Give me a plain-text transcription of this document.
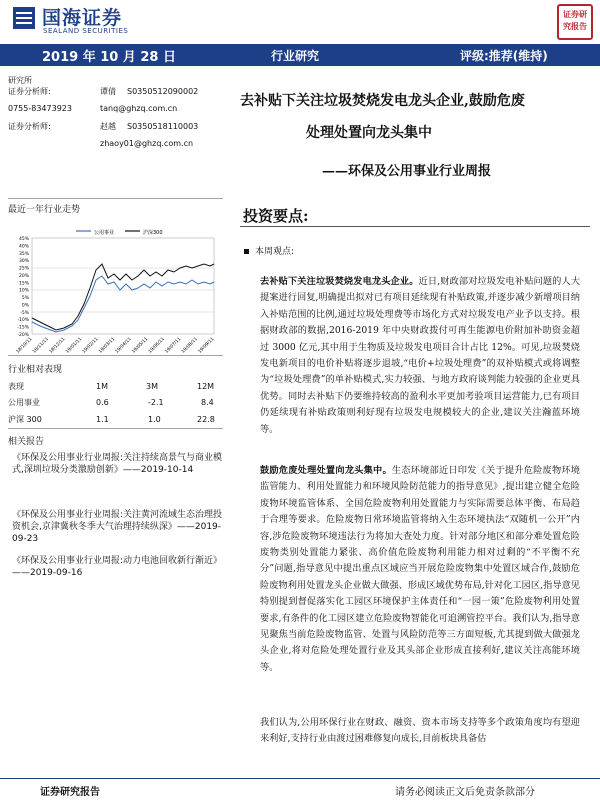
国海证券
SEALAND SECURITIES
证券研究报告
2019 年 10 月 28 日	行业研究	评级:推荐(维持)
研究所
证券分析师:	谭倩 S0350512090002
0755-83473923	tanq@ghzq.com.cn
证券分析师:	赵越 S0350518110003
zhaoy01@ghzq.com.cn
最近一年行业走势
公用事业	沪深300
45%
40%
35%
30%
25%
20%
15%
10%
5%
0%
-5%
-10%
-15%
-20%
18/10/11
18/11/11
18/12/11
19/01/11
19/02/11
19/03/11
19/04/11
19/05/11
19/06/11
19/07/11
19/08/11
19/09/11
行业相对表现
表现	1M	3M	12M
公用事业	0.6	-2.1	8.4
沪深 300	1.1	1.0	22.8
相关报告
《环保及公用事业行业周报:关注持续高景气与商业模式,深圳垃圾分类激励创新》——2019-10-14
《环保及公用事业行业周报:关注黄河流域生态治理投资机会,京津冀秋冬季大气治理持续纵深》——2019-09-23
《环保及公用事业行业周报:动力电池回收新行渐近》——2019-09-16
去补贴下关注垃圾焚烧发电龙头企业,鼓励危废
处理处置向龙头集中
——环保及公用事业行业周报
投资要点:
本周观点:
去补贴下关注垃圾焚烧发电龙头企业。近日,财政部对垃圾发电补贴问题的人大提案进行回复,明确提出拟对已有项目延续现有补贴政策,并逐步减少新增项目纳入补贴范围的比例,通过垃圾处理费等市场化方式对垃圾发电产业予以支持。根据财政部的数据,2016-2019 年中央财政拨付可再生能源电价附加补助资金超过 3000 亿元,其中用于生物质及垃圾发电项目合计占比 12%。可见,垃圾焚烧发电新项目的电价补贴将逐步退坡,“电价+垃圾处理费”的双补贴模式或将调整为“垃圾处理费”的单补贴模式,实力较强、与地方政府谈判能力较强的企业更具优势。同时去补贴下仍要维持较高的盈利水平更加考验项目运营能力,已有项目仍延续现有补贴政策则利好现有垃圾发电规模较大的企业,建议关注瀚蓝环境等。
鼓励危废处理处置向龙头集中。生态环境部近日印发《关于提升危险废物环境监管能力、利用处置能力和环境风险防范能力的指导意见》,提出建立健全危险废物环境监管体系、全国危险废物利用处置能力与实际需要总体平衡、布局趋于合理等要求。危险废物日常环境监管将纳入生态环境执法“双随机一公开”内容,涉危险废物环境违法行为将加大查处力度。针对部分地区和部分难处置危险废物类别处置能力紧张、高价值危险废物利用能力相对过剩的“不平衡不充分”问题,指导意见中提出重点区域应当开展危险废物集中处置区域合作,鼓励危险废物利用处置龙头企业做大做强、形成区域优势布局,针对化工园区,指导意见特别提到督促落实化工园区环境保护主体责任和“一园一策”危险废物利用处置要求,有条件的化工园区建立危险废物智能化可追溯管控平台。我们认为,指导意见聚焦当前危险废物监管、处置与风险防范等三方面短板,尤其提到做大做强龙头企业,将对危险处理处置行业及其头部企业形成直接利好,建议关注高能环境等。
我们认为,公用环保行业在财政、融资、资本市场支持等多个政策角度均有望迎来利好,支持行业由渡过困难修复向成长,目前板块具备估
证券研究报告	请务必阅读正文后免责条款部分
